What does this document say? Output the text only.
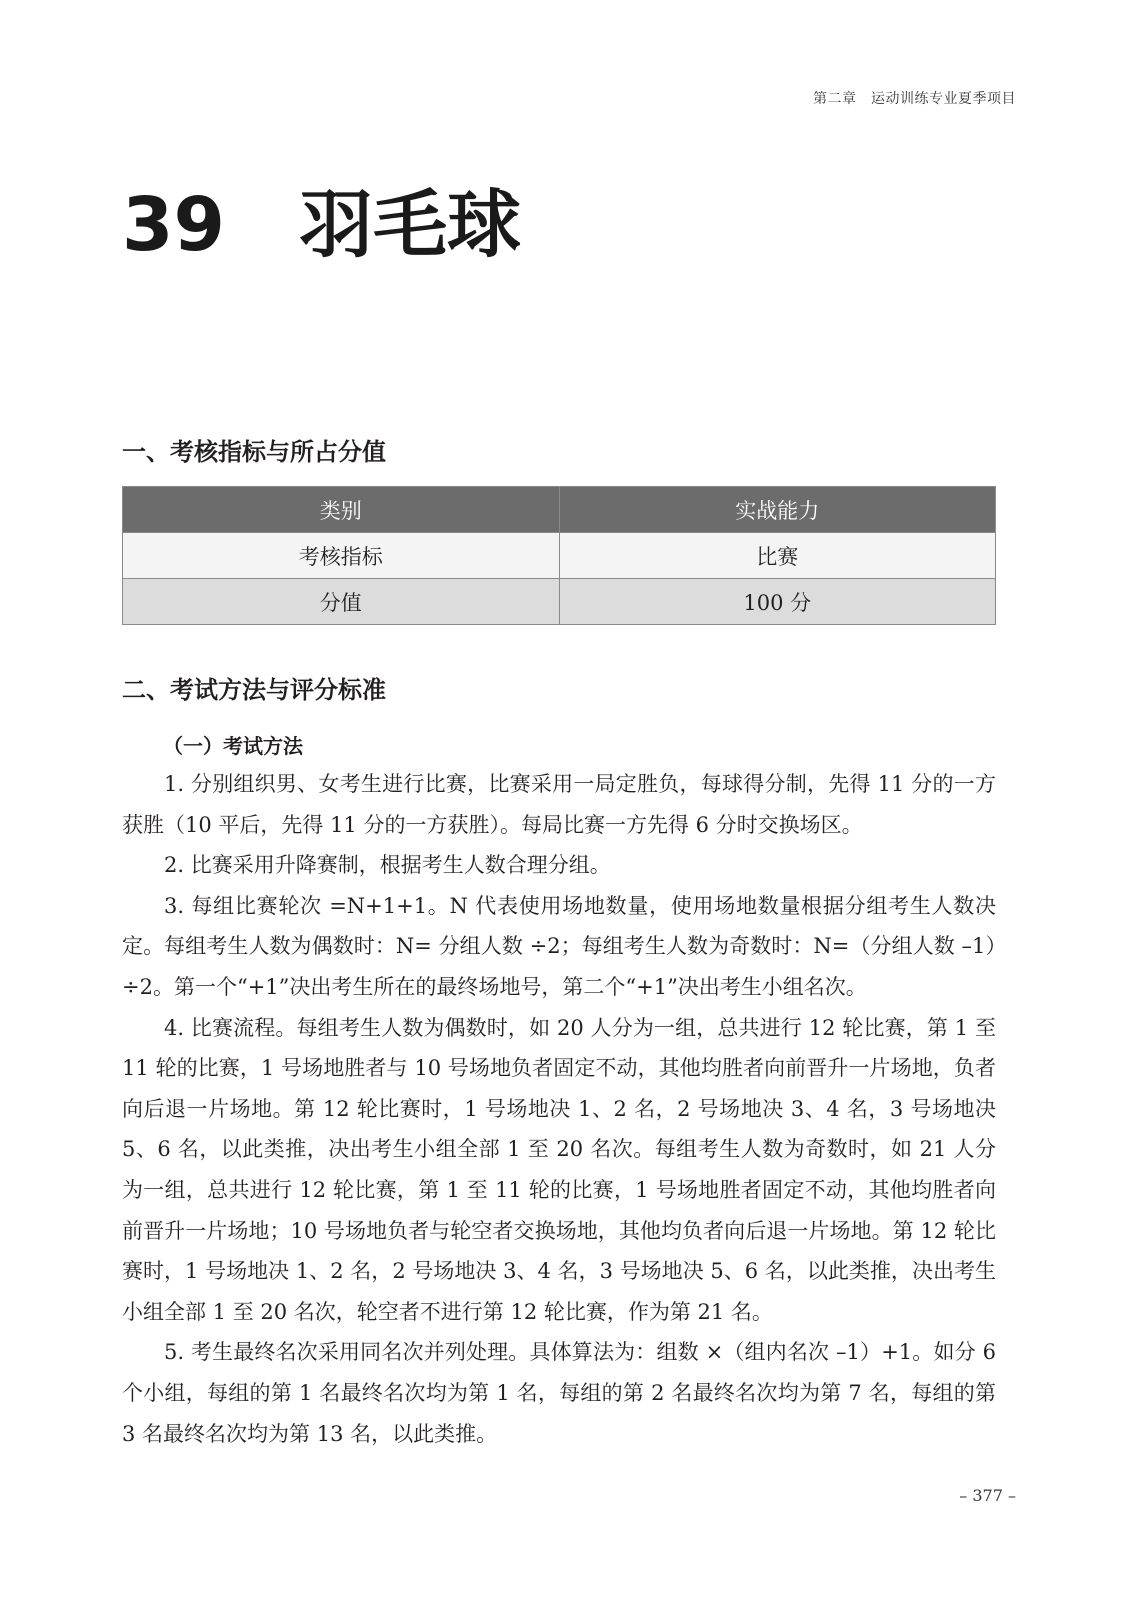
第二章　运动训练专业夏季项目
39 羽毛球
一、考核指标与所占分值
类别	实战能力
考核指标	比赛
分值	100 分
二、考试方法与评分标准
（一）考试方法

1. 分别组织男、女考生进行比赛，比赛采用一局定胜负，每球得分制，先得 11 分的一方获胜（10 平后，先得 11 分的一方获胜）。每局比赛一方先得 6 分时交换场区。

2. 比赛采用升降赛制，根据考生人数合理分组。

3. 每组比赛轮次 =N+1+1。N 代表使用场地数量，使用场地数量根据分组考生人数决定。每组考生人数为偶数时：N= 分组人数 ÷2；每组考生人数为奇数时：N=（分组人数 –1）÷2。第一个“+1”决出考生所在的最终场地号，第二个“+1”决出考生小组名次。

4. 比赛流程。每组考生人数为偶数时，如 20 人分为一组，总共进行 12 轮比赛，第 1 至 11 轮的比赛，1 号场地胜者与 10 号场地负者固定不动，其他均胜者向前晋升一片场地，负者向后退一片场地。第 12 轮比赛时，1 号场地决 1、2 名，2 号场地决 3、4 名，3 号场地决 5、6 名，以此类推，决出考生小组全部 1 至 20 名次。每组考生人数为奇数时，如 21 人分为一组，总共进行 12 轮比赛，第 1 至 11 轮的比赛，1 号场地胜者固定不动，其他均胜者向前晋升一片场地；10 号场地负者与轮空者交换场地，其他均负者向后退一片场地。第 12 轮比赛时，1 号场地决 1、2 名，2 号场地决 3、4 名，3 号场地决 5、6 名，以此类推，决出考生小组全部 1 至 20 名次，轮空者不进行第 12 轮比赛，作为第 21 名。

5. 考生最终名次采用同名次并列处理。具体算法为：组数 ×（组内名次 –1）+1。如分 6 个小组，每组的第 1 名最终名次均为第 1 名，每组的第 2 名最终名次均为第 7 名，每组的第 3 名最终名次均为第 13 名，以此类推。

– 377 –
